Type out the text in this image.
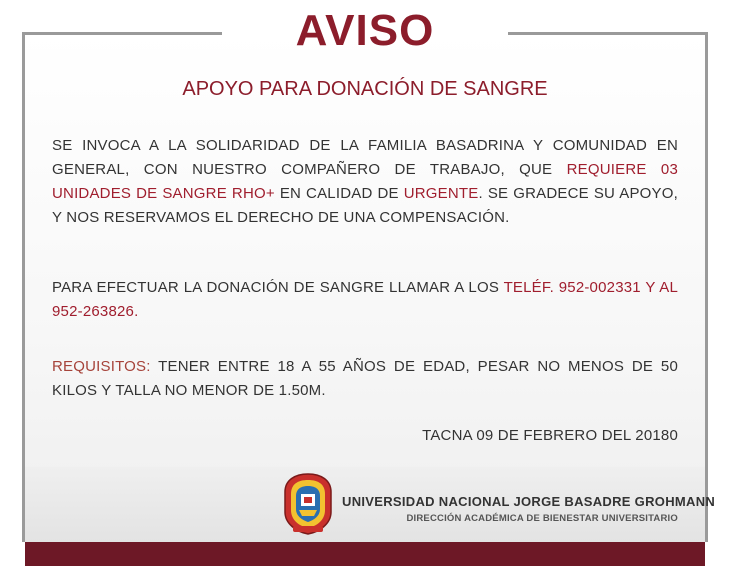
AVISO
APOYO PARA DONACIÓN DE SANGRE

SE INVOCA A LA SOLIDARIDAD DE LA FAMILIA BASADRINA Y COMUNIDAD EN GENERAL, CON NUESTRO COMPAÑERO DE TRABAJO, QUE REQUIERE 03 UNIDADES DE SANGRE RHO+ EN CALIDAD DE URGENTE. SE GRADECE SU APOYO, Y NOS RESERVAMOS EL DERECHO DE UNA COMPENSACIÓN.

PARA EFECTUAR LA DONACIÓN DE SANGRE LLAMAR A LOS TELÉF. 952-002331 Y AL 952-263826.

REQUISITOS: TENER ENTRE 18 A 55 AÑOS DE EDAD, PESAR NO MENOS DE 50 KILOS Y TALLA NO MENOR DE 1.50M.

TACNA 09 DE FEBRERO DEL 20180
UNIVERSIDAD NACIONAL JORGE BASADRE GROHMANN
DIRECCIÓN ACADÉMICA DE BIENESTAR UNIVERSITARIO
